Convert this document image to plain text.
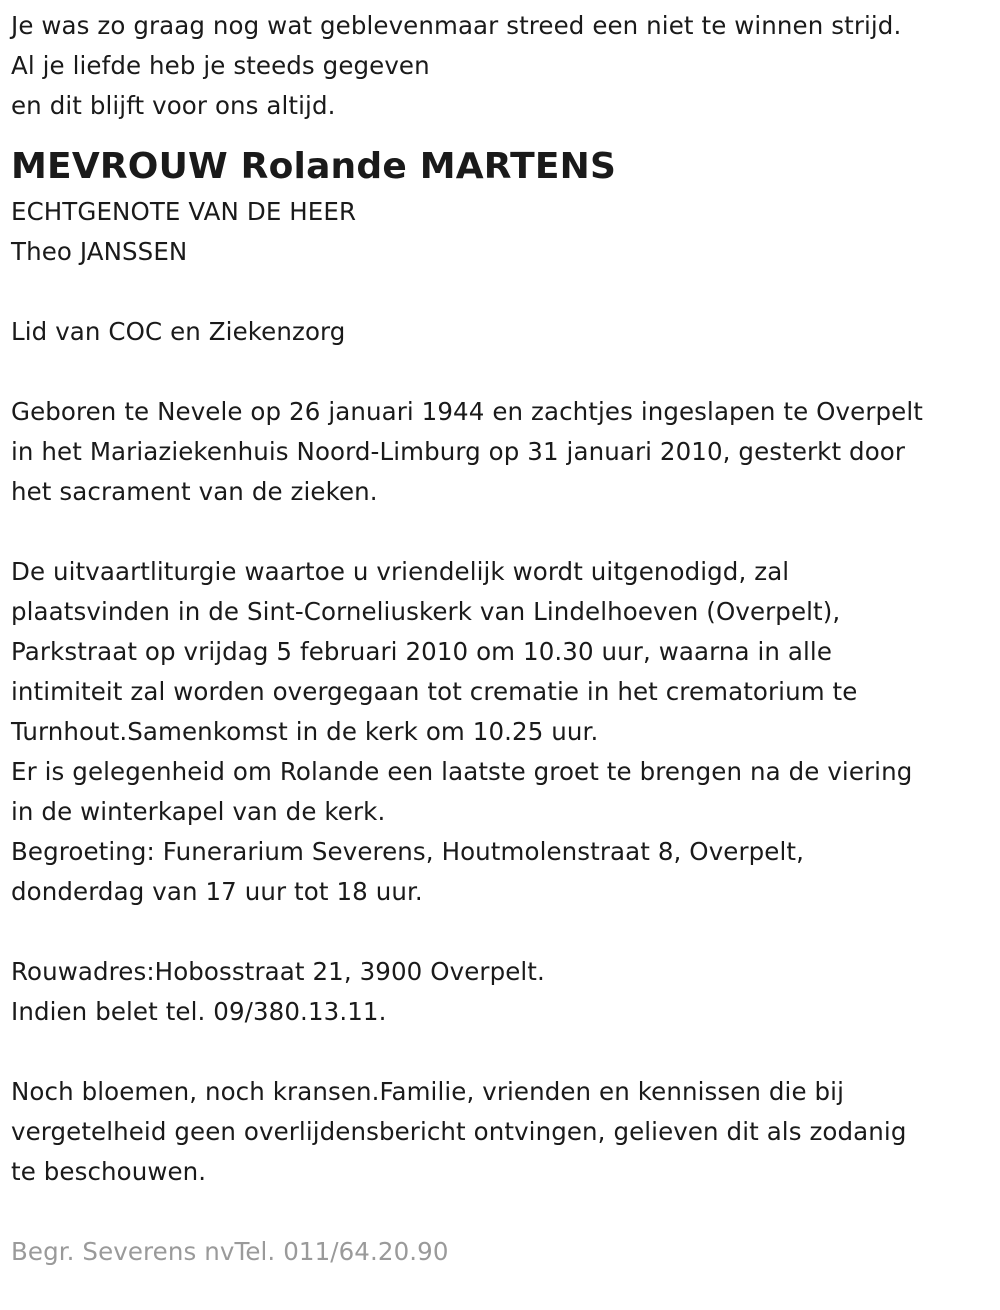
Je was zo graag nog wat geblevenmaar streed een niet te winnen strijd.
Al je liefde heb je steeds gegeven
en dit blijft voor ons altijd.
MEVROUW Rolande MARTENS
ECHTGENOTE VAN DE HEER
Theo JANSSEN
Lid van COC en Ziekenzorg
Geboren te Nevele op 26 januari 1944 en zachtjes ingeslapen te Overpelt
in het Mariaziekenhuis Noord-Limburg op 31 januari 2010, gesterkt door
het sacrament van de zieken.
De uitvaartliturgie waartoe u vriendelijk wordt uitgenodigd, zal
plaatsvinden in de Sint-Corneliuskerk van Lindelhoeven (Overpelt),
Parkstraat op vrijdag 5 februari 2010 om 10.30 uur, waarna in alle
intimiteit zal worden overgegaan tot crematie in het crematorium te
Turnhout.Samenkomst in de kerk om 10.25 uur.
Er is gelegenheid om Rolande een laatste groet te brengen na de viering
in de winterkapel van de kerk.
Begroeting: Funerarium Severens, Houtmolenstraat 8, Overpelt,
donderdag van 17 uur tot 18 uur.
Rouwadres:Hobosstraat 21, 3900 Overpelt.
Indien belet tel. 09/380.13.11.
Noch bloemen, noch kransen.Familie, vrienden en kennissen die bij
vergetelheid geen overlijdensbericht ontvingen, gelieven dit als zodanig
te beschouwen.
Begr. Severens nvTel. 011/64.20.90
